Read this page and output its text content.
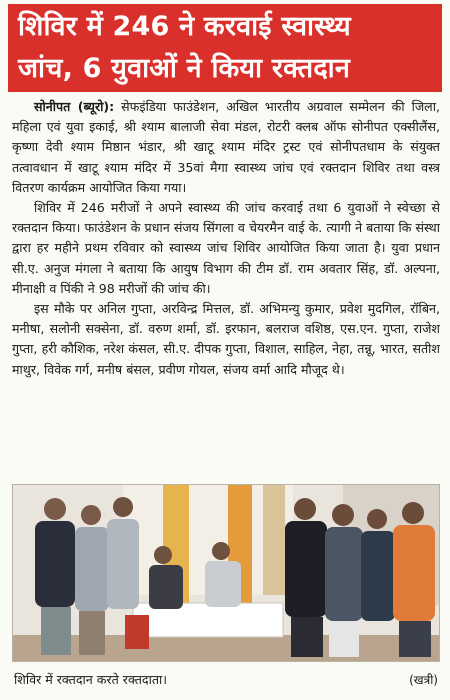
शिविर में 246 ने करवाई स्वास्थ्य
जांच, 6 युवाओं ने किया रक्तदान

सोनीपत (ब्यूरो): सेफइंडिया फाउंडेशन, अखिल भारतीय अग्रवाल सम्मेलन की जिला, महिला एवं युवा इकाई, श्री श्याम बालाजी सेवा मंडल, रोटरी क्लब ऑफ सोनीपत एक्सीलैंस, कृष्णा देवी श्याम मिष्ठान भंडार, श्री खाटू श्याम मंदिर ट्रस्ट एवं सोनीपतधाम के संयुक्त तत्वावधान में खाटू श्याम मंदिर में 35वां मैगा स्वास्थ्य जांच एवं रक्तदान शिविर तथा वस्त्र वितरण कार्यक्रम आयोजित किया गया।

शिविर में 246 मरीजों ने अपने स्वास्थ्य की जांच करवाई तथा 6 युवाओं ने स्वेच्छा से रक्तदान किया। फाउंडेशन के प्रधान संजय सिंगला व चेयरमैन वाई के. त्यागी ने बताया कि संस्था द्वारा हर महीने प्रथम रविवार को स्वास्थ्य जांच शिविर आयोजित किया जाता है। युवा प्रधान सी.ए. अनुज मंगला ने बताया कि आयुष विभाग की टीम डॉ. राम अवतार सिंह, डॉ. अल्पना, मीनाक्षी व पिंकी ने 98 मरीजों की जांच की।

इस मौके पर अनिल गुप्ता, अरविन्द्र मित्तल, डॉ. अभिमन्यु कुमार, प्रवेश मुदगिल, रॉबिन, मनीषा, सलोनी सक्सेना, डॉ. वरुण शर्मा, डॉ. इरफान, बलराज वशिष्ठ, एस.एन. गुप्ता, राजेश गुप्ता, हरी कौशिक, नरेश कंसल, सी.ए. दीपक गुप्ता, विशाल, साहिल, नेहा, तन्नू, भारत, सतीश माथुर, विवेक गर्ग, मनीष बंसल, प्रवीण गोयल, संजय वर्मा आदि मौजूद थे।

शिविर में रक्तदान करते रक्तदाता।	(खत्री)
